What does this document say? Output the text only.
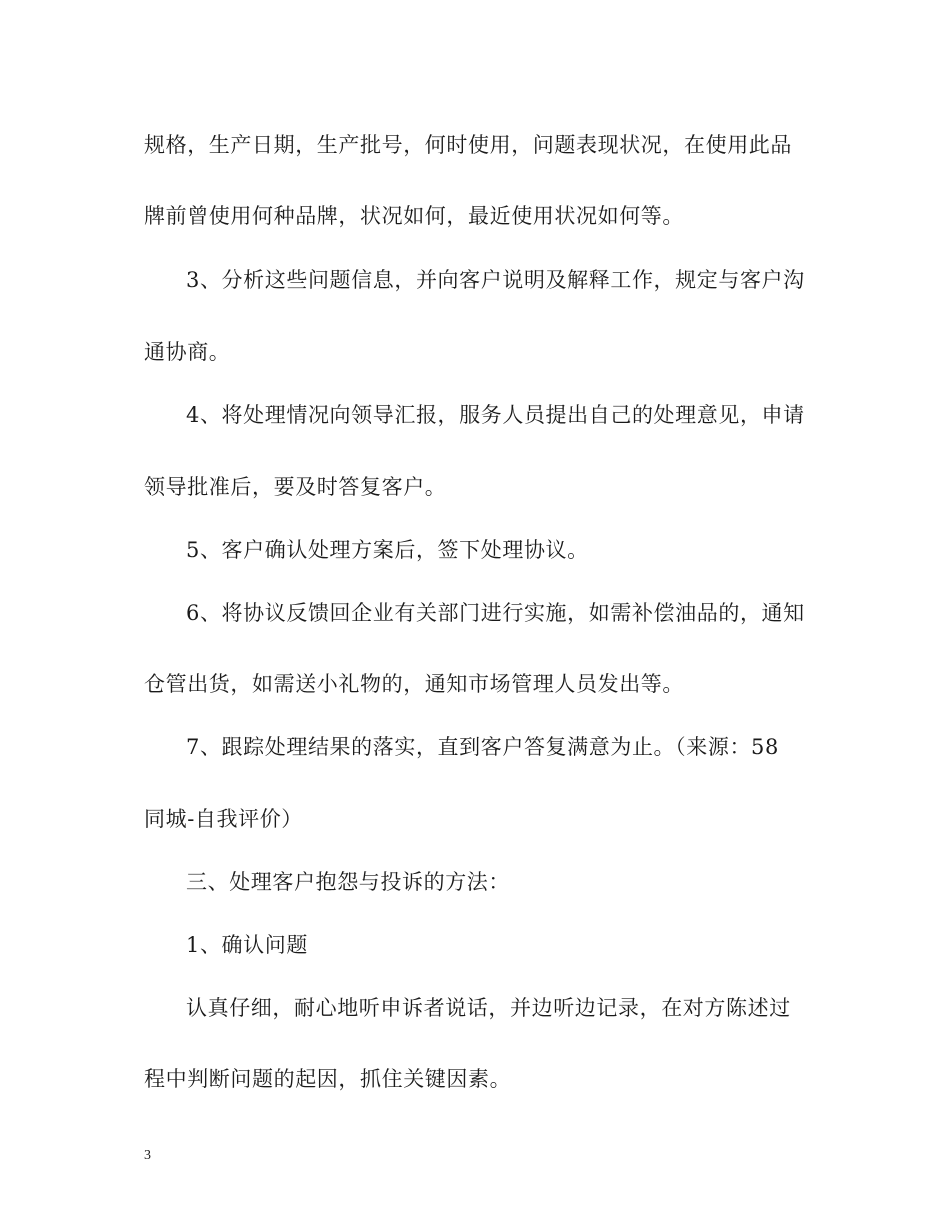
规格，生产日期，生产批号，何时使用，问题表现状况，在使用此品
牌前曾使用何种品牌，状况如何，最近使用状况如何等。
3、分析这些问题信息，并向客户说明及解释工作，规定与客户沟
通协商。
4、将处理情况向领导汇报，服务人员提出自己的处理意见，申请
领导批准后，要及时答复客户。
5、客户确认处理方案后，签下处理协议。
6、将协议反馈回企业有关部门进行实施，如需补偿油品的，通知
仓管出货，如需送小礼物的，通知市场管理人员发出等。
7、跟踪处理结果的落实，直到客户答复满意为止。（来源：58
同城-自我评价）
三、处理客户抱怨与投诉的方法：
1、确认问题
认真仔细，耐心地听申诉者说话，并边听边记录，在对方陈述过
程中判断问题的起因，抓住关键因素。
3
